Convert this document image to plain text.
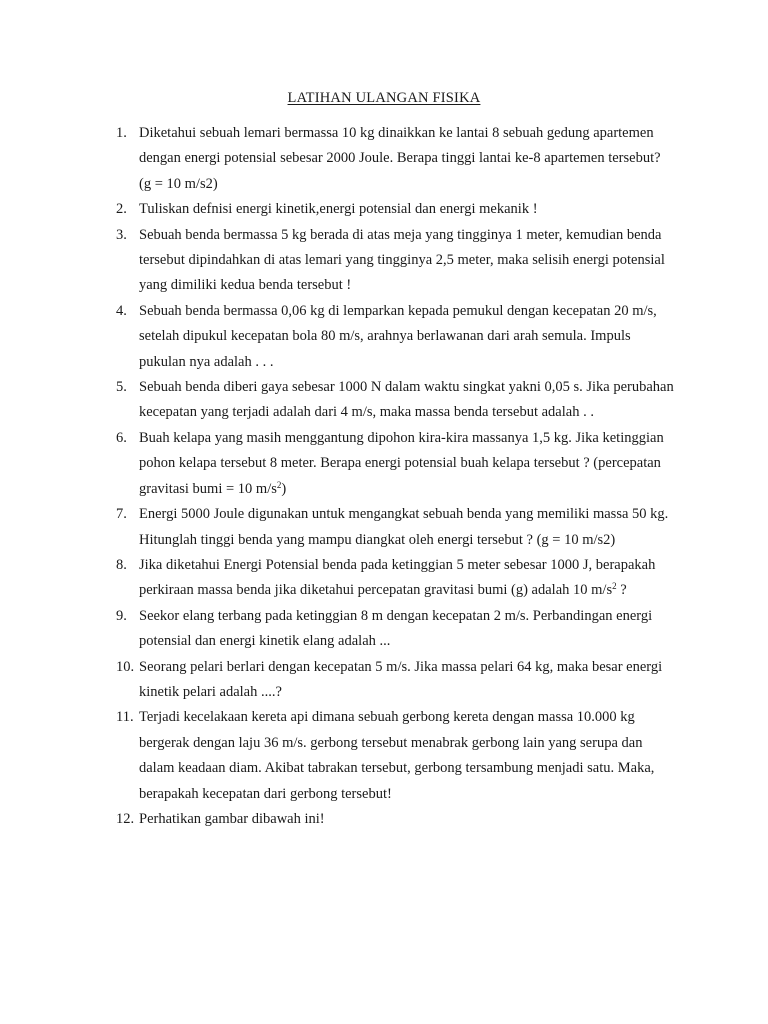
LATIHAN ULANGAN FISIKA
1. Diketahui sebuah lemari bermassa 10 kg dinaikkan ke lantai 8 sebuah gedung apartemen dengan energi potensial sebesar 2000 Joule. Berapa tinggi lantai ke-8 apartemen tersebut? (g = 10 m/s2)
2. Tuliskan defnisi energi kinetik,energi potensial dan energi mekanik !
3. Sebuah benda bermassa 5 kg berada di atas meja yang tingginya 1 meter, kemudian benda tersebut dipindahkan di atas lemari yang tingginya 2,5 meter, maka selisih energi potensial yang dimiliki kedua benda tersebut !
4. Sebuah benda bermassa 0,06 kg di lemparkan kepada pemukul dengan kecepatan 20 m/s, setelah dipukul kecepatan bola 80 m/s, arahnya berlawanan dari arah semula. Impuls pukulan nya adalah . . .
5. Sebuah benda diberi gaya sebesar 1000 N dalam waktu singkat yakni 0,05 s. Jika perubahan kecepatan yang terjadi adalah dari 4 m/s, maka massa benda tersebut adalah . .
6. Buah kelapa yang masih menggantung dipohon kira-kira massanya 1,5 kg. Jika ketinggian pohon kelapa tersebut 8 meter. Berapa energi potensial buah kelapa tersebut ? (percepatan gravitasi bumi = 10 $m/s^2$)
7. Energi 5000 Joule digunakan untuk mengangkat sebuah benda yang memiliki massa 50 kg. Hitunglah tinggi benda yang mampu diangkat oleh energi tersebut ? (g = 10 m/s2)
8. Jika diketahui Energi Potensial benda pada ketinggian 5 meter sebesar 1000 J, berapakah perkiraan massa benda jika diketahui percepatan gravitasi bumi (g) adalah 10 $m/s^2$ ?
9. Seekor elang terbang pada ketinggian 8 m dengan kecepatan 2 m/s. Perbandingan energi potensial dan energi kinetik elang adalah ...
10. Seorang pelari berlari dengan kecepatan 5 m/s. Jika massa pelari 64 kg, maka besar energi kinetik pelari adalah ....?
11. Terjadi kecelakaan kereta api dimana sebuah gerbong kereta dengan massa 10.000 kg bergerak dengan laju 36 m/s. gerbong tersebut menabrak gerbong lain yang serupa dan dalam keadaan diam. Akibat tabrakan tersebut, gerbong tersambung menjadi satu. Maka, berapakah kecepatan dari gerbong tersebut!
12. Perhatikan gambar dibawah ini!
